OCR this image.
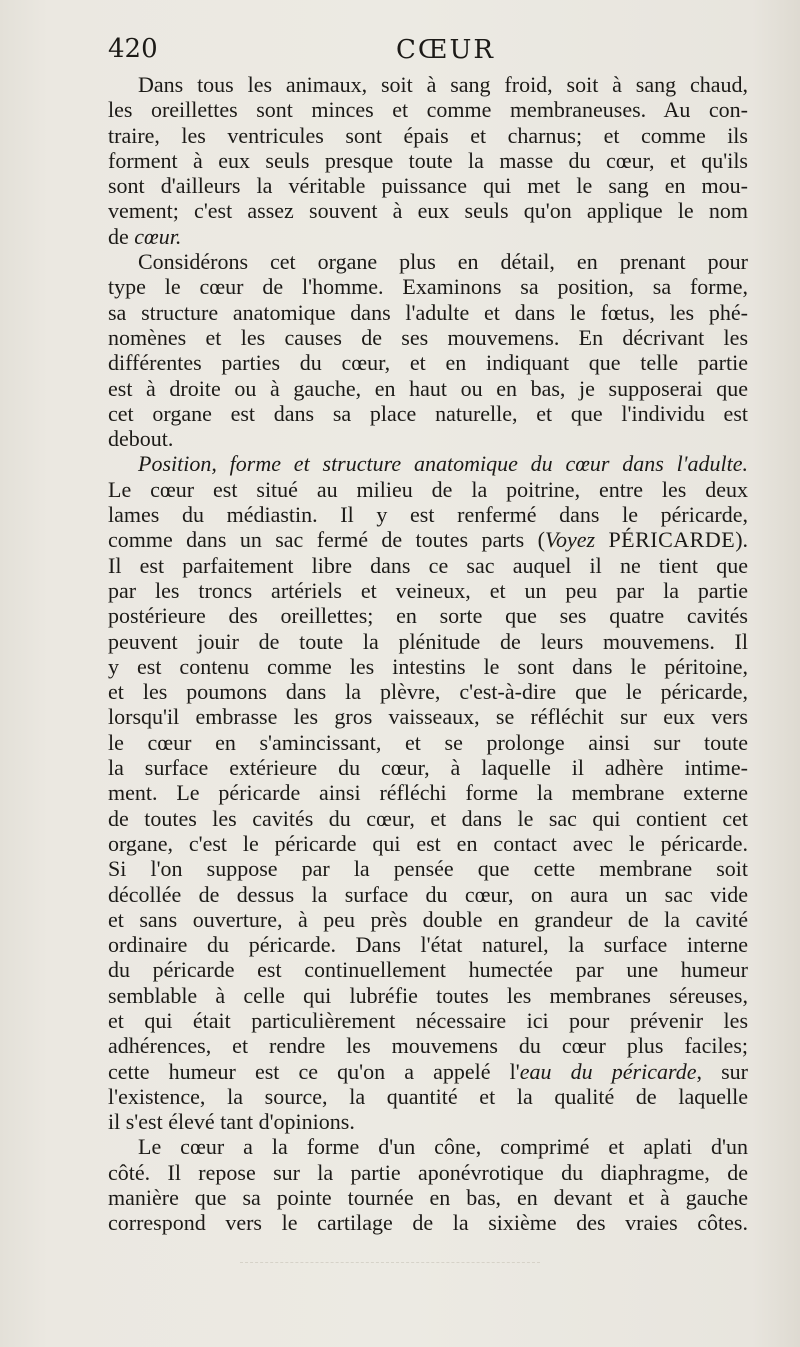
420	CŒUR
Dans tous les animaux, soit à sang froid, soit à sang chaud,
les oreillettes sont minces et comme membraneuses. Au con-
traire, les ventricules sont épais et charnus; et comme ils
forment à eux seuls presque toute la masse du cœur, et qu'ils
sont d'ailleurs la véritable puissance qui met le sang en mou-
vement; c'est assez souvent à eux seuls qu'on applique le nom
de cœur.
Considérons cet organe plus en détail, en prenant pour
type le cœur de l'homme. Examinons sa position, sa forme,
sa structure anatomique dans l'adulte et dans le fœtus, les phé-
nomènes et les causes de ses mouvemens. En décrivant les
différentes parties du cœur, et en indiquant que telle partie
est à droite ou à gauche, en haut ou en bas, je supposerai que
cet organe est dans sa place naturelle, et que l'individu est
debout.
Position, forme et structure anatomique du cœur dans l'adulte.
Le cœur est situé au milieu de la poitrine, entre les deux
lames du médiastin. Il y est renfermé dans le péricarde,
comme dans un sac fermé de toutes parts (Voyez PÉRICARDE).
Il est parfaitement libre dans ce sac auquel il ne tient que
par les troncs artériels et veineux, et un peu par la partie
postérieure des oreillettes; en sorte que ses quatre cavités
peuvent jouir de toute la plénitude de leurs mouvemens. Il
y est contenu comme les intestins le sont dans le péritoine,
et les poumons dans la plèvre, c'est-à-dire que le péricarde,
lorsqu'il embrasse les gros vaisseaux, se réfléchit sur eux vers
le cœur en s'amincissant, et se prolonge ainsi sur toute
la surface extérieure du cœur, à laquelle il adhère intime-
ment. Le péricarde ainsi réfléchi forme la membrane externe
de toutes les cavités du cœur, et dans le sac qui contient cet
organe, c'est le péricarde qui est en contact avec le péricarde.
Si l'on suppose par la pensée que cette membrane soit
décollée de dessus la surface du cœur, on aura un sac vide
et sans ouverture, à peu près double en grandeur de la cavité
ordinaire du péricarde. Dans l'état naturel, la surface interne
du péricarde est continuellement humectée par une humeur
semblable à celle qui lubréfie toutes les membranes séreuses,
et qui était particulièrement nécessaire ici pour prévenir les
adhérences, et rendre les mouvemens du cœur plus faciles;
cette humeur est ce qu'on a appelé l'eau du péricarde, sur
l'existence, la source, la quantité et la qualité de laquelle
il s'est élevé tant d'opinions.
Le cœur a la forme d'un cône, comprimé et aplati d'un
côté. Il repose sur la partie aponévrotique du diaphragme, de
manière que sa pointe tournée en bas, en devant et à gauche
correspond vers le cartilage de la sixième des vraies côtes.
